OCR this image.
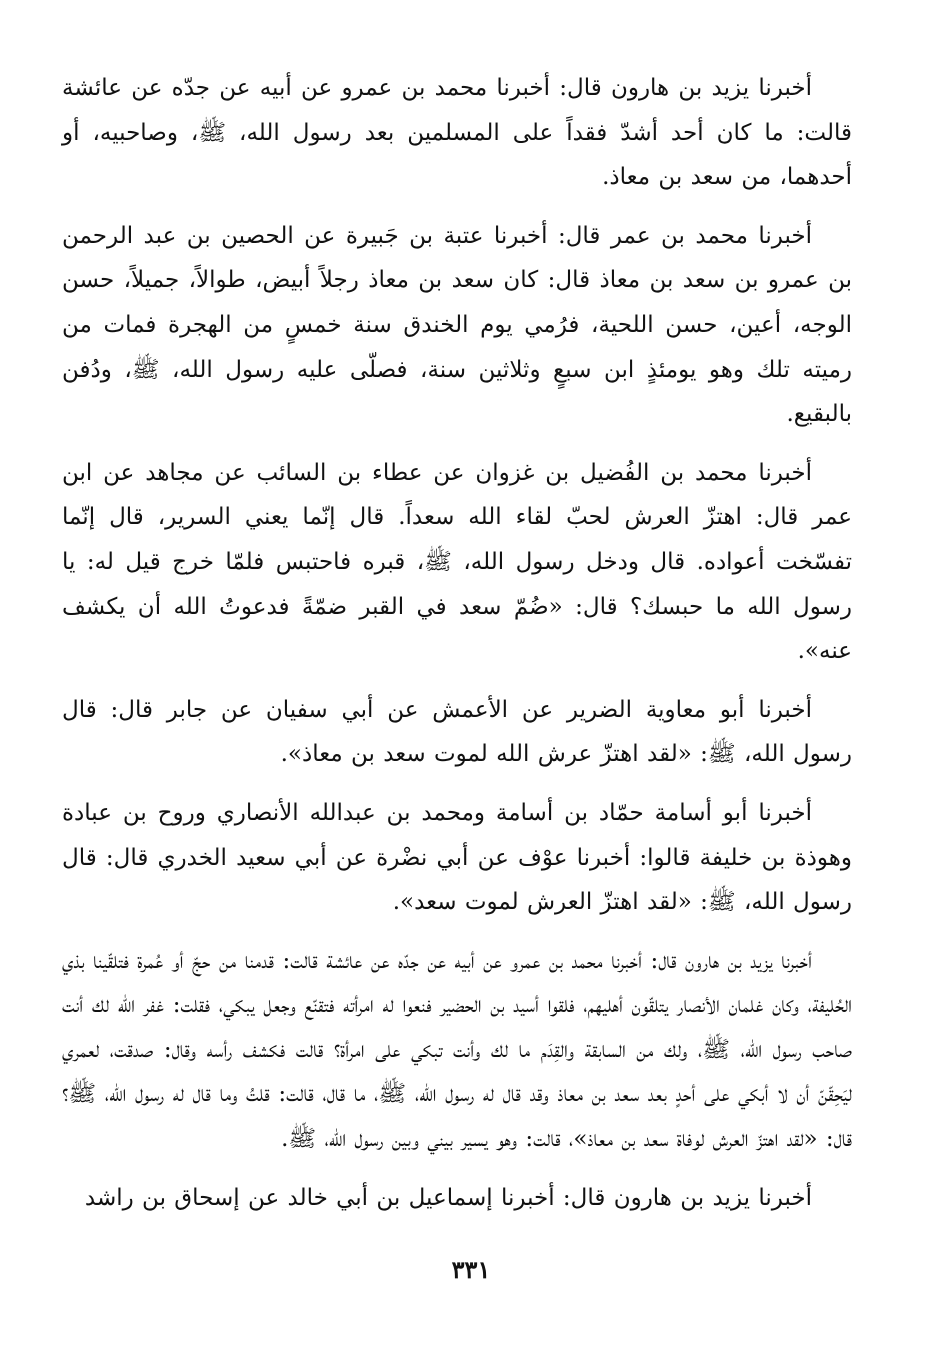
أخبرنا يزيد بن هارون قال: أخبرنا محمد بن عمرو عن أبيه عن جدّه عن عائشة قالت: ما كان أحد أشدّ فقداً على المسلمين بعد رسول الله، ﷺ، وصاحبيه، أو أحدهما، من سعد بن معاذ.

أخبرنا محمد بن عمر قال: أخبرنا عتبة بن جَبيرة عن الحصين بن عبد الرحمن بن عمرو بن سعد بن معاذ قال: كان سعد بن معاذ رجلاً أبيض، طوالاً، جميلاً، حسن الوجه، أعين، حسن اللحية، فرُمي يوم الخندق سنة خمسٍ من الهجرة فمات من رميته تلك وهو يومئذٍ ابن سبعٍ وثلاثين سنة، فصلّى عليه رسول الله، ﷺ، ودُفن بالبقيع.

أخبرنا محمد بن الفُضيل بن غزوان عن عطاء بن السائب عن مجاهد عن ابن عمر قال: اهتزّ العرش لحبّ لقاء الله سعداً. قال إنّما يعني السرير، قال إنّما تفسّخت أعواده. قال ودخل رسول الله، ﷺ، قبره فاحتبس فلمّا خرج قيل له: يا رسول الله ما حبسك؟ قال: «ضُمّ سعد في القبر ضمّةً فدعوتُ الله أن يكشف عنه».

أخبرنا أبو معاوية الضرير عن الأعمش عن أبي سفيان عن جابر قال: قال رسول الله، ﷺ: «لقد اهتزّ عرش الله لموت سعد بن معاذ».

أخبرنا أبو أسامة حمّاد بن أسامة ومحمد بن عبدالله الأنصاري وروح بن عبادة وهوذة بن خليفة قالوا: أخبرنا عوْف عن أبي نضْرة عن أبي سعيد الخدري قال: قال رسول الله، ﷺ: «لقد اهتزّ العرش لموت سعد».

أخبرنا يزيد بن هارون قال: أخبرنا محمد بن عمرو عن أبيه عن جدّه عن عائشة قالت: قدمنا من حجّ أو عُمرة فتلقّينا بذي الحُليفة، وكان غلمان الأنصار يتلقّون أهليهم، فلقوا أسيد بن الحضير فنعوا له امرأته فتقنّع وجعل يبكي، فقلت: غفر الله لك أنت صاحب رسول الله، ﷺ، ولك من السابقة والقِدَم ما لك وأنت تبكي على امرأة؟ قالت فكشف رأسه وقال: صدقت، لعمري ليَحِقّنّ أن لا أبكي على أحدٍ بعد سعد بن معاذ وقد قال له رسول الله، ﷺ، ما قال، قالت: قلتُ وما قال له رسول الله، ﷺ؟ قال: «لقد اهتزّ العرش لوفاة سعد بن معاذ»، قالت: وهو يسير بيني وبين رسول الله، ﷺ.

أخبرنا يزيد بن هارون قال: أخبرنا إسماعيل بن أبي خالد عن إسحاق بن راشد

٣٣١
